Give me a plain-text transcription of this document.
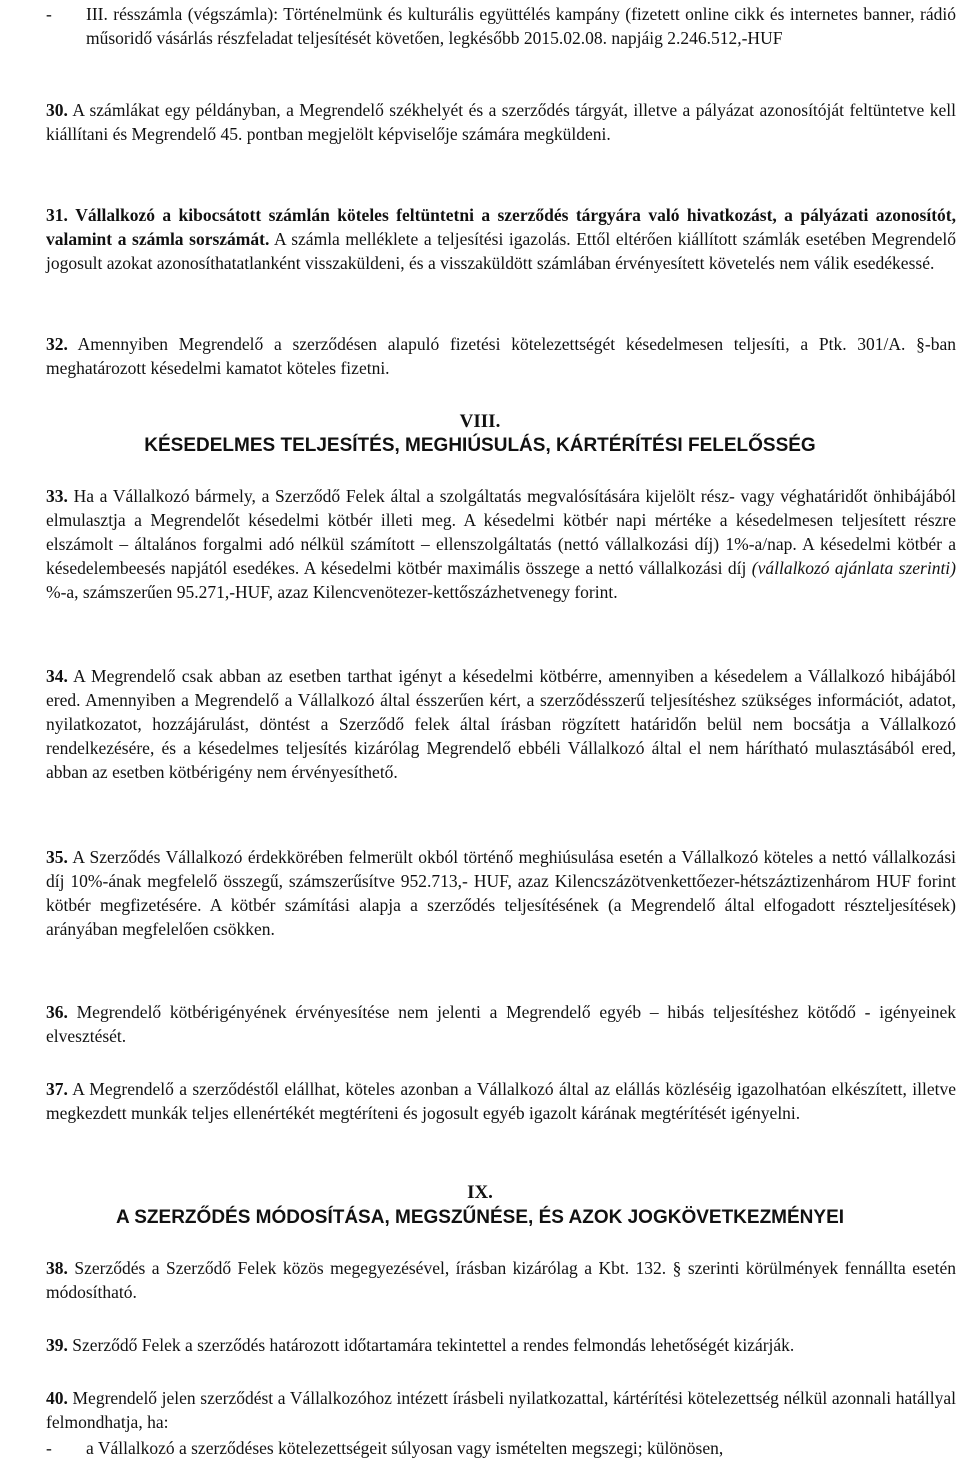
-	III. résszámla (végszámla): Történelmünk és kulturális együttélés kampány (fizetett online cikk és internetes banner, rádió műsoridő vásárlás részfeladat teljesítését követően, legkésőbb 2015.02.08. napjáig 2.246.512,-HUF
30. A számlákat egy példányban, a Megrendelő székhelyét és a szerződés tárgyát, illetve a pályázat azonosítóját feltüntetve kell kiállítani és Megrendelő 45. pontban megjelölt képviselője számára megküldeni.
31. Vállalkozó a kibocsátott számlán köteles feltüntetni a szerződés tárgyára való hivatkozást, a pályázati azonosítót, valamint a számla sorszámát. A számla melléklete a teljesítési igazolás. Ettől eltérően kiállított számlák esetében Megrendelő jogosult azokat azonosíthatatlanként visszaküldeni, és a visszaküldött számlában érvényesített követelés nem válik esedékessé.
32. Amennyiben Megrendelő a szerződésen alapuló fizetési kötelezettségét késedelmesen teljesíti, a Ptk. 301/A. §-ban meghatározott késedelmi kamatot köteles fizetni.
VIII.
KÉSEDELMES TELJESÍTÉS, MEGHIÚSULÁS, KÁRTÉRÍTÉSI FELELŐSSÉG
33. Ha a Vállalkozó bármely, a Szerződő Felek által a szolgáltatás megvalósítására kijelölt rész- vagy véghatáridőt önhibájából elmulasztja a Megrendelőt késedelmi kötbér illeti meg. A késedelmi kötbér napi mértéke a késedelmesen teljesített részre elszámolt – általános forgalmi adó nélkül számított – ellenszolgáltatás (nettó vállalkozási díj) 1%-a/nap. A késedelmi kötbér a késedelembeesés napjától esedékes. A késedelmi kötbér maximális összege a nettó vállalkozási díj (vállalkozó ajánlata szerinti) %-a, számszerűen 95.271,-HUF, azaz Kilencvenötezer-kettőszázhetvenegy forint.
34. A Megrendelő csak abban az esetben tarthat igényt a késedelmi kötbérre, amennyiben a késedelem a Vállalkozó hibájából ered. Amennyiben a Megrendelő a Vállalkozó által ésszerűen kért, a szerződésszerű teljesítéshez szükséges információt, adatot, nyilatkozatot, hozzájárulást, döntést a Szerződő felek által írásban rögzített határidőn belül nem bocsátja a Vállalkozó rendelkezésére, és a késedelmes teljesítés kizárólag Megrendelő ebbéli Vállalkozó által el nem hárítható mulasztásából ered, abban az esetben kötbérigény nem érvényesíthető.
35. A Szerződés Vállalkozó érdekkörében felmerült okból történő meghiúsulása esetén a Vállalkozó köteles a nettó vállalkozási díj 10%-ának megfelelő összegű, számszerűsítve 952.713,- HUF, azaz Kilencszázötvenkettőezer-hétszáztizenhárom HUF forint kötbér megfizetésére. A kötbér számítási alapja a szerződés teljesítésének (a Megrendelő által elfogadott részteljesítések) arányában megfelelően csökken.
36. Megrendelő kötbérigényének érvényesítése nem jelenti a Megrendelő egyéb – hibás teljesítéshez kötődő - igényeinek elvesztését.
37. A Megrendelő a szerződéstől elállhat, köteles azonban a Vállalkozó által az elállás közléséig igazolhatóan elkészített, illetve megkezdett munkák teljes ellenértékét megtéríteni és jogosult egyéb igazolt kárának megtérítését igényelni.
IX.
A SZERZŐDÉS MÓDOSÍTÁSA, MEGSZŰNÉSE, ÉS AZOK JOGKÖVETKEZMÉNYEI
38. Szerződés a Szerződő Felek közös megegyezésével, írásban kizárólag a Kbt. 132. § szerinti körülmények fennállta esetén módosítható.
39. Szerződő Felek a szerződés határozott időtartamára tekintettel a rendes felmondás lehetőségét kizárják.
40. Megrendelő jelen szerződést a Vállalkozóhoz intézett írásbeli nyilatkozattal, kártérítési kötelezettség nélkül azonnali hatállyal felmondhatja, ha:
-	a Vállalkozó a szerződéses kötelezettségeit súlyosan vagy ismételten megszegi; különösen,
